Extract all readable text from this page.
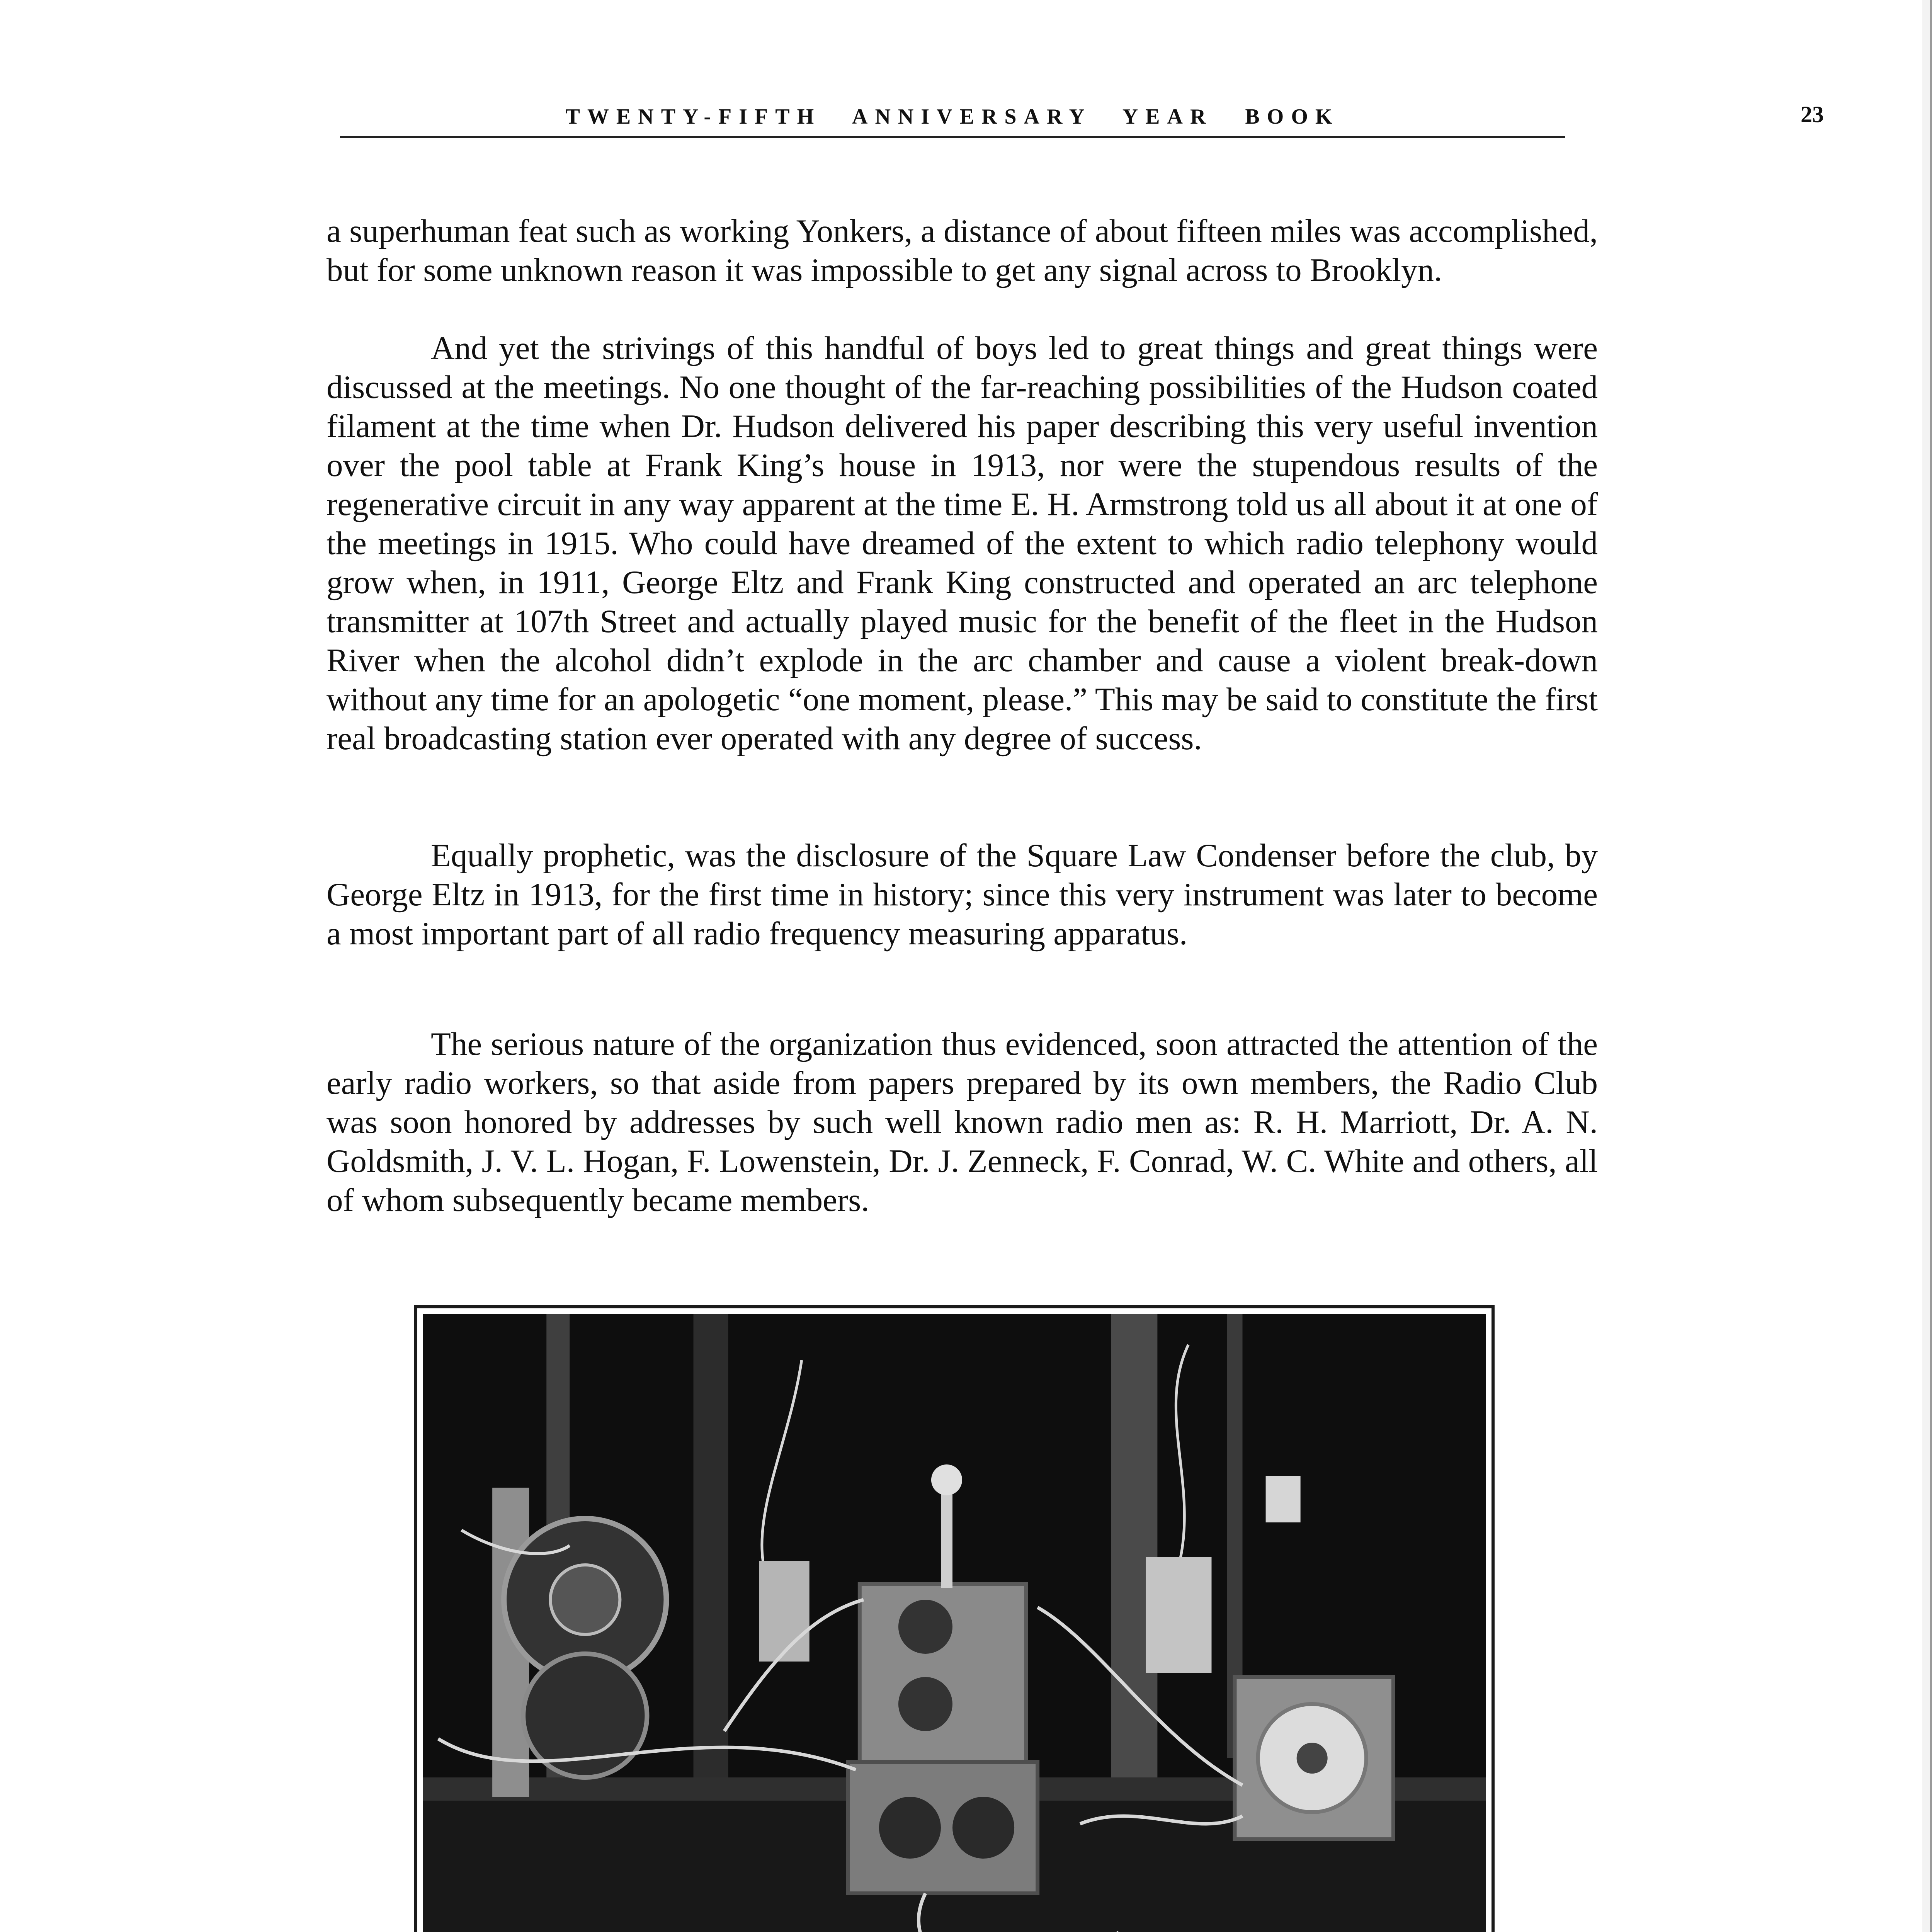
TWENTY-FIFTH ANNIVERSARY YEAR BOOK	23

a superhuman feat such as working Yonkers, a distance of about fifteen miles was accomplished, but for some unknown reason it was impossible to get any signal across to Brooklyn.

And yet the strivings of this handful of boys led to great things and great things were discussed at the meetings. No one thought of the far-reaching possibilities of the Hudson coated filament at the time when Dr. Hudson delivered his paper describing this very useful invention over the pool table at Frank King’s house in 1913, nor were the stupendous results of the regenerative circuit in any way apparent at the time E. H. Armstrong told us all about it at one of the meetings in 1915. Who could have dreamed of the extent to which radio telephony would grow when, in 1911, George Eltz and Frank King constructed and operated an arc telephone transmitter at 107th Street and actually played music for the benefit of the fleet in the Hudson River when the alcohol didn’t explode in the arc chamber and cause a violent break-down without any time for an apologetic “one moment, please.” This may be said to constitute the first real broadcasting station ever operated with any degree of success.

Equally prophetic, was the disclosure of the Square Law Condenser before the club, by George Eltz in 1913, for the first time in history; since this very instrument was later to become a most important part of all radio frequency measuring apparatus.

The serious nature of the organization thus evidenced, soon attracted the attention of the early radio workers, so that aside from papers prepared by its own members, the Radio Club was soon honored by addresses by such well known radio men as: R. H. Marriott, Dr. A. N. Goldsmith, J. V. L. Hogan, F. Lowenstein, Dr. J. Zenneck, F. Conrad, W. C. White and others, all of whom subsequently became members.
